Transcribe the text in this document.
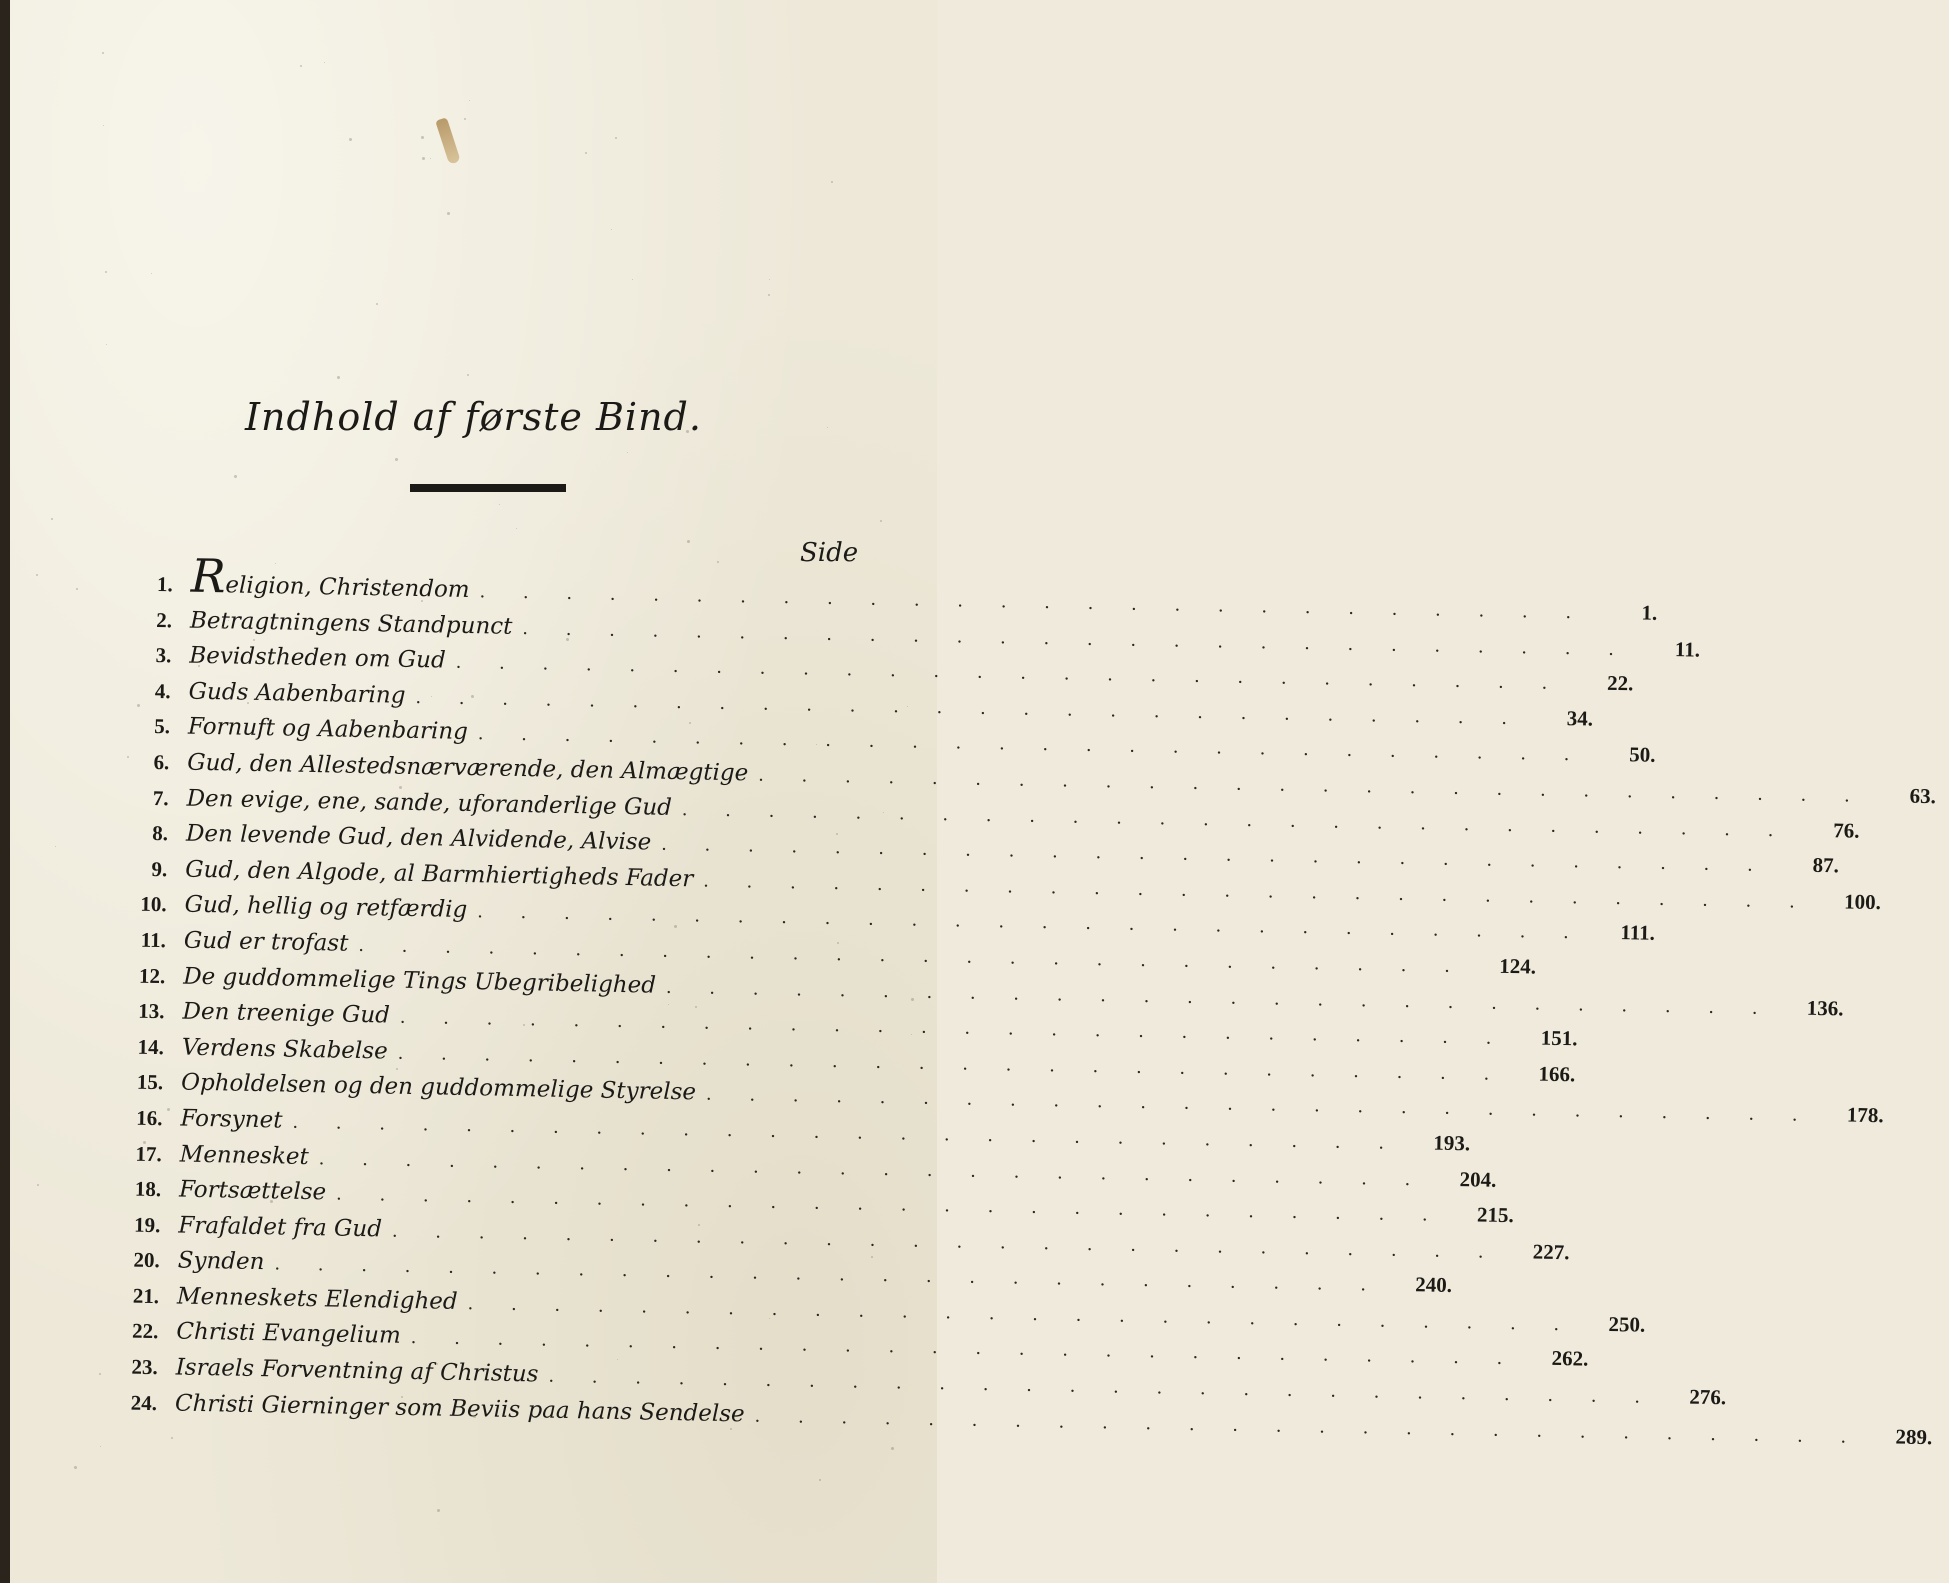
Indhold af første Bind.
Side
1. Religion, Christendom . . . . . . . . . . . . . . . . . . . . . . . . . .	1.
2. Betragtningens Standpunct . . . . . . . . . . . . . . . . . . . . . . . . . .	11.
3. Bevidstheden om Gud . . . . . . . . . . . . . . . . . . . . . . . . . .	22.
4. Guds Aabenbaring . . . . . . . . . . . . . . . . . . . . . . . . . .	34.
5. Fornuft og Aabenbaring . . . . . . . . . . . . . . . . . . . . . . . . . .	50.
6. Gud, den Allestedsnærværende, den Almægtige . . . . . . . . . . . . . . . . . . . . . . . . . .	63.
7. Den evige, ene, sande, uforanderlige Gud . . . . . . . . . . . . . . . . . . . . . . . . . .	76.
8. Den levende Gud, den Alvidende, Alvise . . . . . . . . . . . . . . . . . . . . . . . . . .	87.
9. Gud, den Algode, al Barmhiertigheds Fader . . . . . . . . . . . . . . . . . . . . . . . . . .	100.
10. Gud, hellig og retfærdig . . . . . . . . . . . . . . . . . . . . . . . . . .	111.
11. Gud er trofast . . . . . . . . . . . . . . . . . . . . . . . . . .	124.
12. De guddommelige Tings Ubegribelighed . . . . . . . . . . . . . . . . . . . . . . . . . .	136.
13. Den treenige Gud . . . . . . . . . . . . . . . . . . . . . . . . . .	151.
14. Verdens Skabelse . . . . . . . . . . . . . . . . . . . . . . . . . .	166.
15. Opholdelsen og den guddommelige Styrelse . . . . . . . . . . . . . . . . . . . . . . . . . .	178.
16. Forsynet . . . . . . . . . . . . . . . . . . . . . . . . . .	193.
17. Mennesket . . . . . . . . . . . . . . . . . . . . . . . . . .	204.
18. Fortsættelse . . . . . . . . . . . . . . . . . . . . . . . . . .	215.
19. Frafaldet fra Gud . . . . . . . . . . . . . . . . . . . . . . . . . .	227.
20. Synden . . . . . . . . . . . . . . . . . . . . . . . . . .	240.
21. Menneskets Elendighed . . . . . . . . . . . . . . . . . . . . . . . . . .	250.
22. Christi Evangelium . . . . . . . . . . . . . . . . . . . . . . . . . .	262.
23. Israels Forventning af Christus . . . . . . . . . . . . . . . . . . . . . . . . . .	276.
24. Christi Gierninger som Beviis paa hans Sendelse . . . . . . . . . . . . . . . . . . . . . . . . . .	289.
